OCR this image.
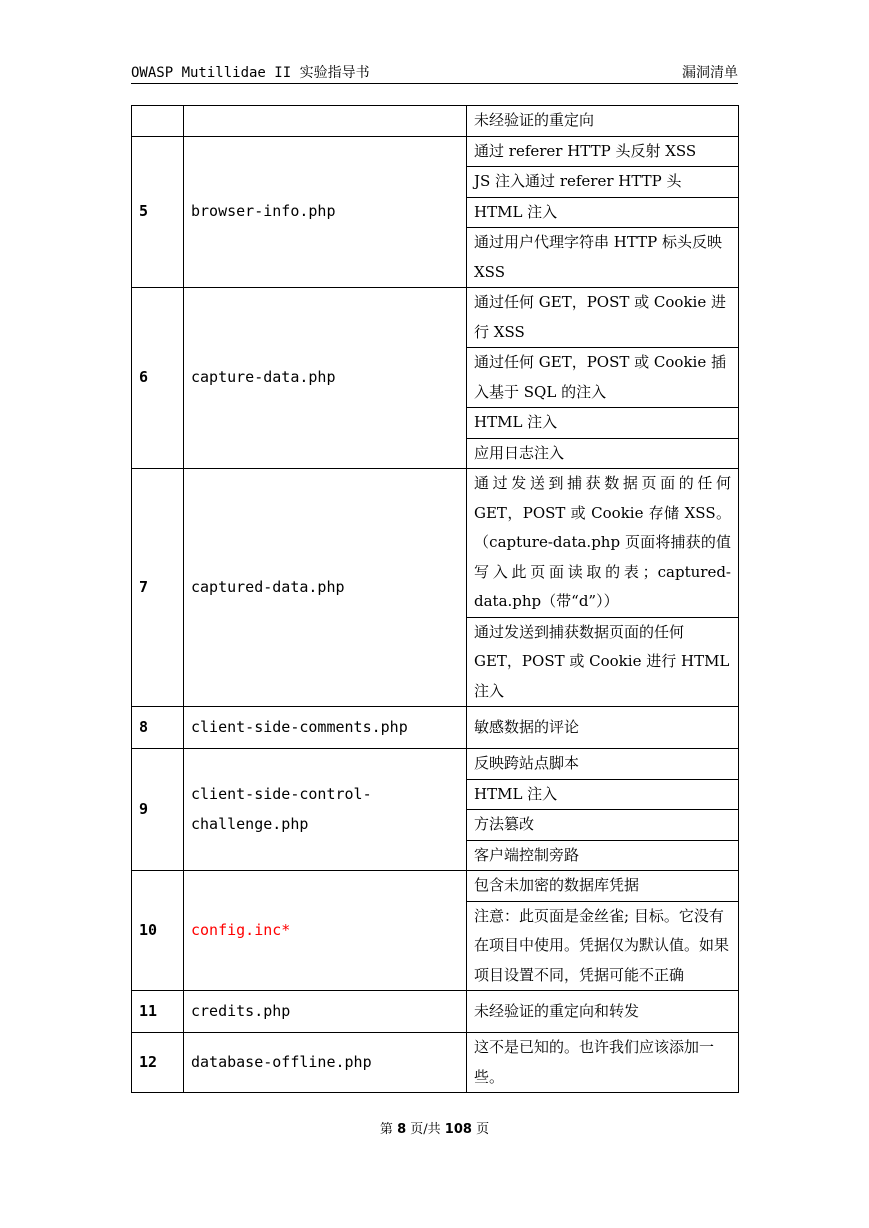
OWASP Mutillidae II 实验指导书	漏洞清单
		未经验证的重定向
5	browser-info.php	通过 referer HTTP 头反射 XSS
		JS 注入通过 referer HTTP 头
		HTML 注入
		通过用户代理字符串 HTTP 标头反映 XSS
6	capture-data.php	通过任何 GET，POST 或 Cookie 进行 XSS
		通过任何 GET，POST 或 Cookie 插入基于 SQL 的注入
		HTML 注入
		应用日志注入
7	captured-data.php	通过发送到捕获数据页面的任何 GET，POST 或 Cookie 存储 XSS。（capture-data.php 页面将捕获的值写入此页面读取的表；captured-data.php（带“d”））
		通过发送到捕获数据页面的任何 GET，POST 或 Cookie 进行 HTML 注入
8	client-side-comments.php	敏感数据的评论
9	client-side-control-challenge.php	反映跨站点脚本
		HTML 注入
		方法篡改
		客户端控制旁路
10	config.inc*	包含未加密的数据库凭据
		注意：此页面是金丝雀; 目标。它没有在项目中使用。凭据仅为默认值。如果项目设置不同，凭据可能不正确
11	credits.php	未经验证的重定向和转发
12	database-offline.php	这不是已知的。也许我们应该添加一些。
第 8 页/共 108 页
